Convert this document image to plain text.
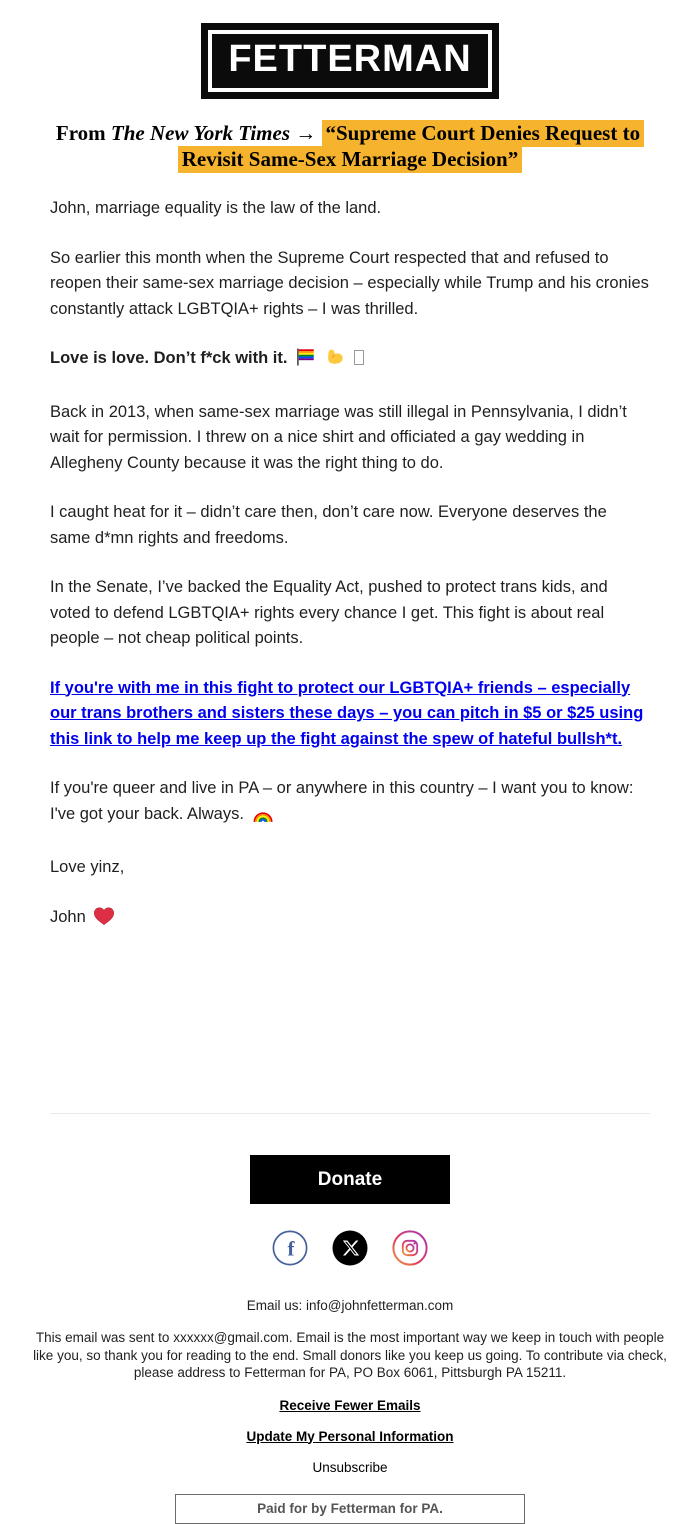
FETTERMAN
From The New York Times → “Supreme Court Denies Request to Revisit Same-Sex Marriage Decision”

John, marriage equality is the law of the land.

So earlier this month when the Supreme Court respected that and refused to reopen their same-sex marriage decision – especially while Trump and his cronies constantly attack LGBTQIA+ rights – I was thrilled.

Love is love. Don’t f*ck with it.

Back in 2013, when same-sex marriage was still illegal in Pennsylvania, I didn’t wait for permission. I threw on a nice shirt and officiated a gay wedding in Allegheny County because it was the right thing to do.

I caught heat for it – didn’t care then, don’t care now. Everyone deserves the same d*mn rights and freedoms.

In the Senate, I’ve backed the Equality Act, pushed to protect trans kids, and voted to defend LGBTQIA+ rights every chance I get. This fight is about real people – not cheap political points.

If you're with me in this fight to protect our LGBTQIA+ friends – especially our trans brothers and sisters these days – you can pitch in $5 or $25 using this link to help me keep up the fight against the spew of hateful bullsh*t.

If you're queer and live in PA – or anywhere in this country – I want you to know: I've got your back. Always.

Love yinz,

John

Donate
f

Email us: info@johnfetterman.com
This email was sent to xxxxxx@gmail.com. Email is the most important way we keep in touch with people like you, so thank you for reading to the end. Small donors like you keep us going. To contribute via check, please address to Fetterman for PA, PO Box 6061, Pittsburgh PA 15211.
Receive Fewer Emails
Update My Personal Information
Unsubscribe
Paid for by Fetterman for PA.
